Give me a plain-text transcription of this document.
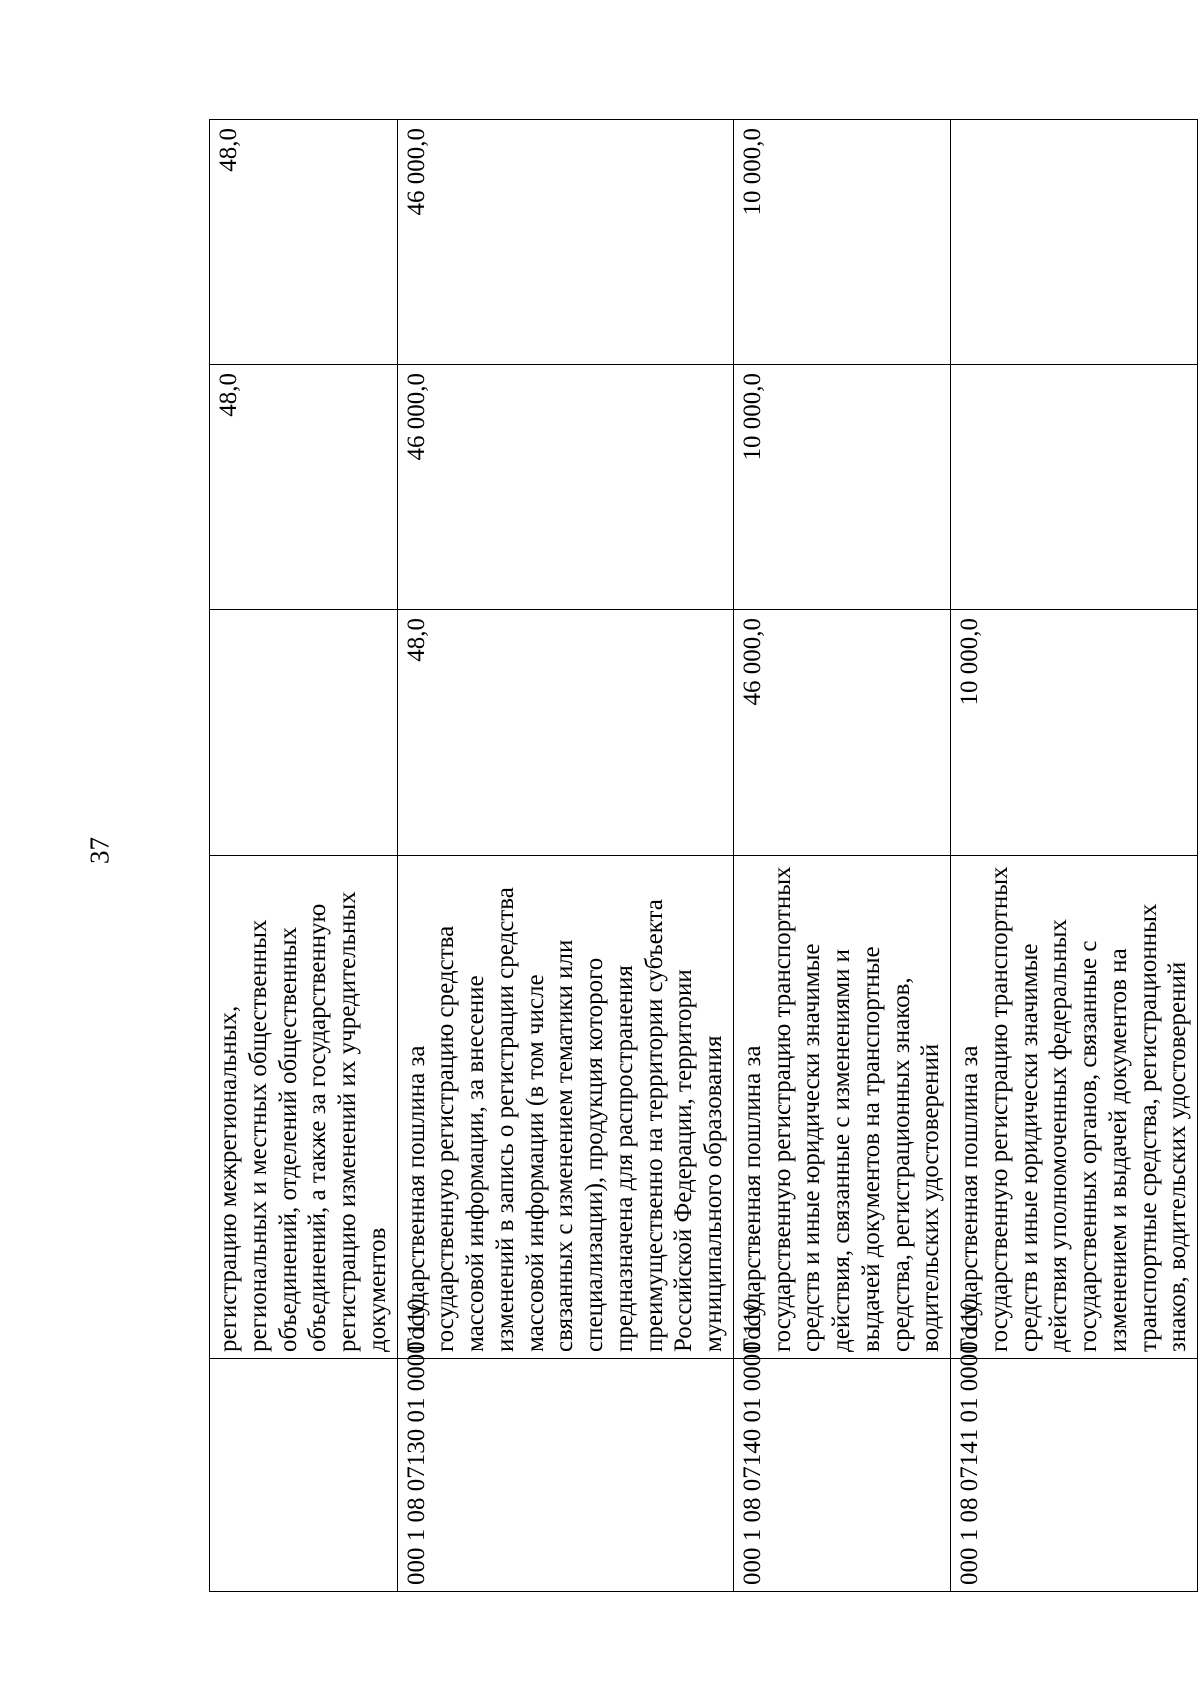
37
	регистрацию межрегиональных, региональных и местных общественных объединений, отделений общественных объединений, а также за государственную регистрацию изменений их учредительных документов		48,0	48,0
000 1 08 07130 01 0000 110	Государственная пошлина за государственную регистрацию средства массовой информации, за внесение изменений в запись о регистрации средства массовой информации (в том числе связанных с изменением тематики или специализации), продукция которого предназначена для распространения преимущественно на территории субъекта Российской Федерации, территории муниципального образования	48,0	46 000,0	46 000,0
000 1 08 07140 01 0000 110	Государственная пошлина за государственную регистрацию транспортных средств и иные юридически значимые действия, связанные с изменениями и выдачей документов на транспортные средства, регистрационных знаков, водительских удостоверений	46 000,0	10 000,0	10 000,0
000 1 08 07141 01 0000 110	Государственная пошлина за государственную регистрацию транспортных средств и иные юридически значимые действия уполномоченных федеральных государственных органов, связанные с изменением и выдачей документов на транспортные средства, регистрационных знаков, водительских удостоверений	10 000,0		
